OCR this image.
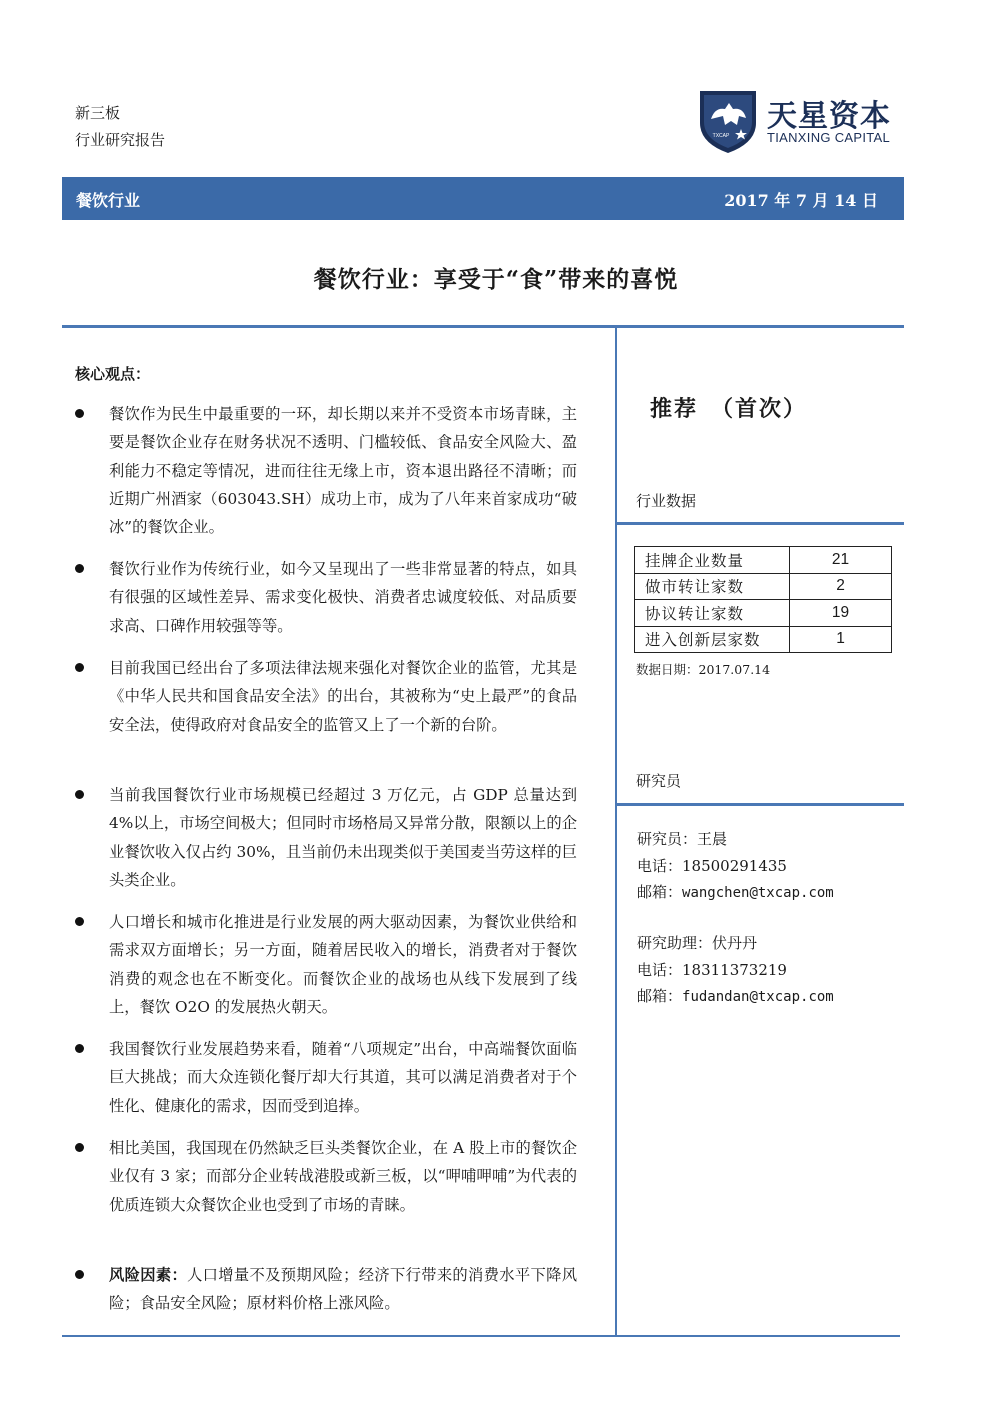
新三板
行业研究报告	TXCAP
天星资本
TIANXING CAPITAL
餐饮行业	2017 年 7 月 14 日
餐饮行业：享受于“食”带来的喜悦
核心观点：
餐饮作为民生中最重要的一环，却长期以来并不受资本市场青睐，主要是餐饮企业存在财务状况不透明、门槛较低、食品安全风险大、盈利能力不稳定等情况，进而往往无缘上市，资本退出路径不清晰；而近期广州酒家（603043.SH）成功上市，成为了八年来首家成功“破冰”的餐饮企业。
餐饮行业作为传统行业，如今又呈现出了一些非常显著的特点，如具有很强的区域性差异、需求变化极快、消费者忠诚度较低、对品质要求高、口碑作用较强等等。
目前我国已经出台了多项法律法规来强化对餐饮企业的监管，尤其是《中华人民共和国食品安全法》的出台，其被称为“史上最严”的食品安全法，使得政府对食品安全的监管又上了一个新的台阶。
当前我国餐饮行业市场规模已经超过 3 万亿元，占 GDP 总量达到 4%以上，市场空间极大；但同时市场格局又异常分散，限额以上的企业餐饮收入仅占约 30%，且当前仍未出现类似于美国麦当劳这样的巨头类企业。
人口增长和城市化推进是行业发展的两大驱动因素，为餐饮业供给和需求双方面增长；另一方面，随着居民收入的增长，消费者对于餐饮消费的观念也在不断变化。而餐饮企业的战场也从线下发展到了线上，餐饮 O2O 的发展热火朝天。
我国餐饮行业发展趋势来看，随着“八项规定”出台，中高端餐饮面临巨大挑战；而大众连锁化餐厅却大行其道，其可以满足消费者对于个性化、健康化的需求，因而受到追捧。
相比美国，我国现在仍然缺乏巨头类餐饮企业，在 A 股上市的餐饮企业仅有 3 家；而部分企业转战港股或新三板，以“呷哺呷哺”为代表的优质连锁大众餐饮企业也受到了市场的青睐。
风险因素：人口增量不及预期风险；经济下行带来的消费水平下降风险；食品安全风险；原材料价格上涨风险。
推荐　（首次）
行业数据
挂牌企业数量	21
做市转让家数	2
协议转让家数	19
进入创新层家数	1
数据日期：2017.07.14
研究员
研究员：王晨
电话：18500291435
邮箱：wangchen@txcap.com
研究助理：伏丹丹
电话：18311373219
邮箱：fudandan@txcap.com
